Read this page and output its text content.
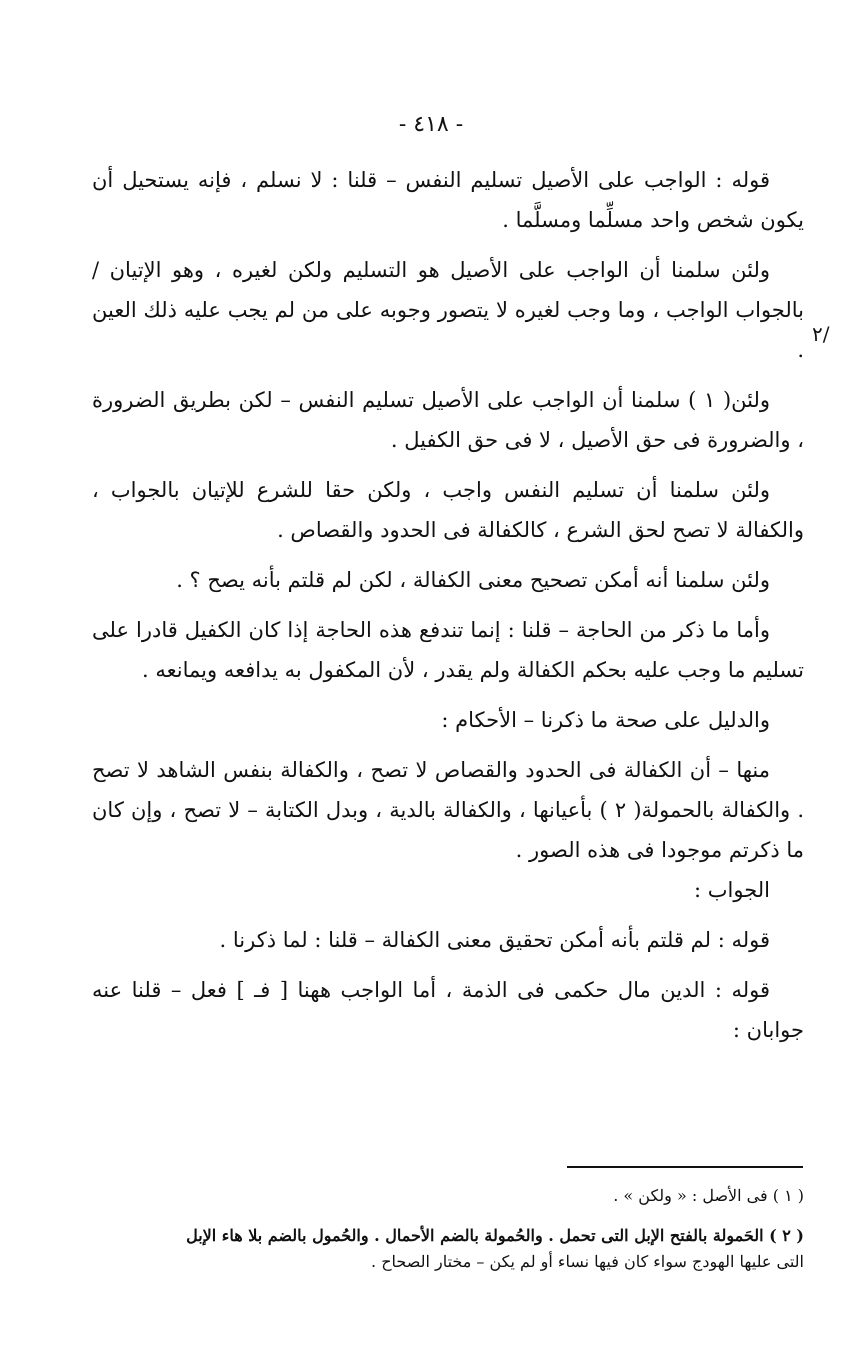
- ٤١٨ -
٢/

قوله : الواجب على الأصيل تسليم النفس – قلنا : لا نسلم ، فإنه يستحيل أن يكون شخص واحد مسلِّما ومسلَّما .

ولئن سلمنا أن الواجب على الأصيل هو التسليم ولكن لغيره ، وهو الإتيان / بالجواب الواجب ، وما وجب لغيره لا يتصور وجوبه على من لم يجب عليه ذلك العين .

ولئن( ١ ) سلمنا أن الواجب على الأصيل تسليم النفس – لكن بطريق الضرورة ، والضرورة فى حق الأصيل ، لا فى حق الكفيل .

ولئن سلمنا أن تسليم النفس واجب ، ولكن حقا للشرع للإتيان بالجواب ، والكفالة لا تصح لحق الشرع ، كالكفالة فى الحدود والقصاص .

ولئن سلمنا أنه أمكن تصحيح معنى الكفالة ، لكن لم قلتم بأنه يصح ؟ .

وأما ما ذكر من الحاجة – قلنا : إنما تندفع هذه الحاجة إذا كان الكفيل قادرا على تسليم ما وجب عليه بحكم الكفالة ولم يقدر ، لأن المكفول به يدافعه ويمانعه .

والدليل على صحة ما ذكرنا – الأحكام :

منها – أن الكفالة فى الحدود والقصاص لا تصح ، والكفالة بنفس الشاهد لا تصح . والكفالة بالحمولة( ٢ ) بأعيانها ، والكفالة بالدية ، وبدل الكتابة – لا تصح ، وإن كان ما ذكرتم موجودا فى هذه الصور .

الجواب :

قوله : لم قلتم بأنه أمكن تحقيق معنى الكفالة – قلنا : لما ذكرنا .

قوله : الدين مال حكمى فى الذمة ، أما الواجب ههنا [ فـ ] فعل – قلنا عنه جوابان :

( ١ ) فى الأصل : « ولكن » .

( ٢ ) الحَمولة بالفتح الإبل التى تحمل . والحُمولة بالضم الأحمال . والحُمول بالضم بلا هاء الإبل

التى عليها الهودج سواء كان فيها نساء أو لم يكن – مختار الصحاح .
